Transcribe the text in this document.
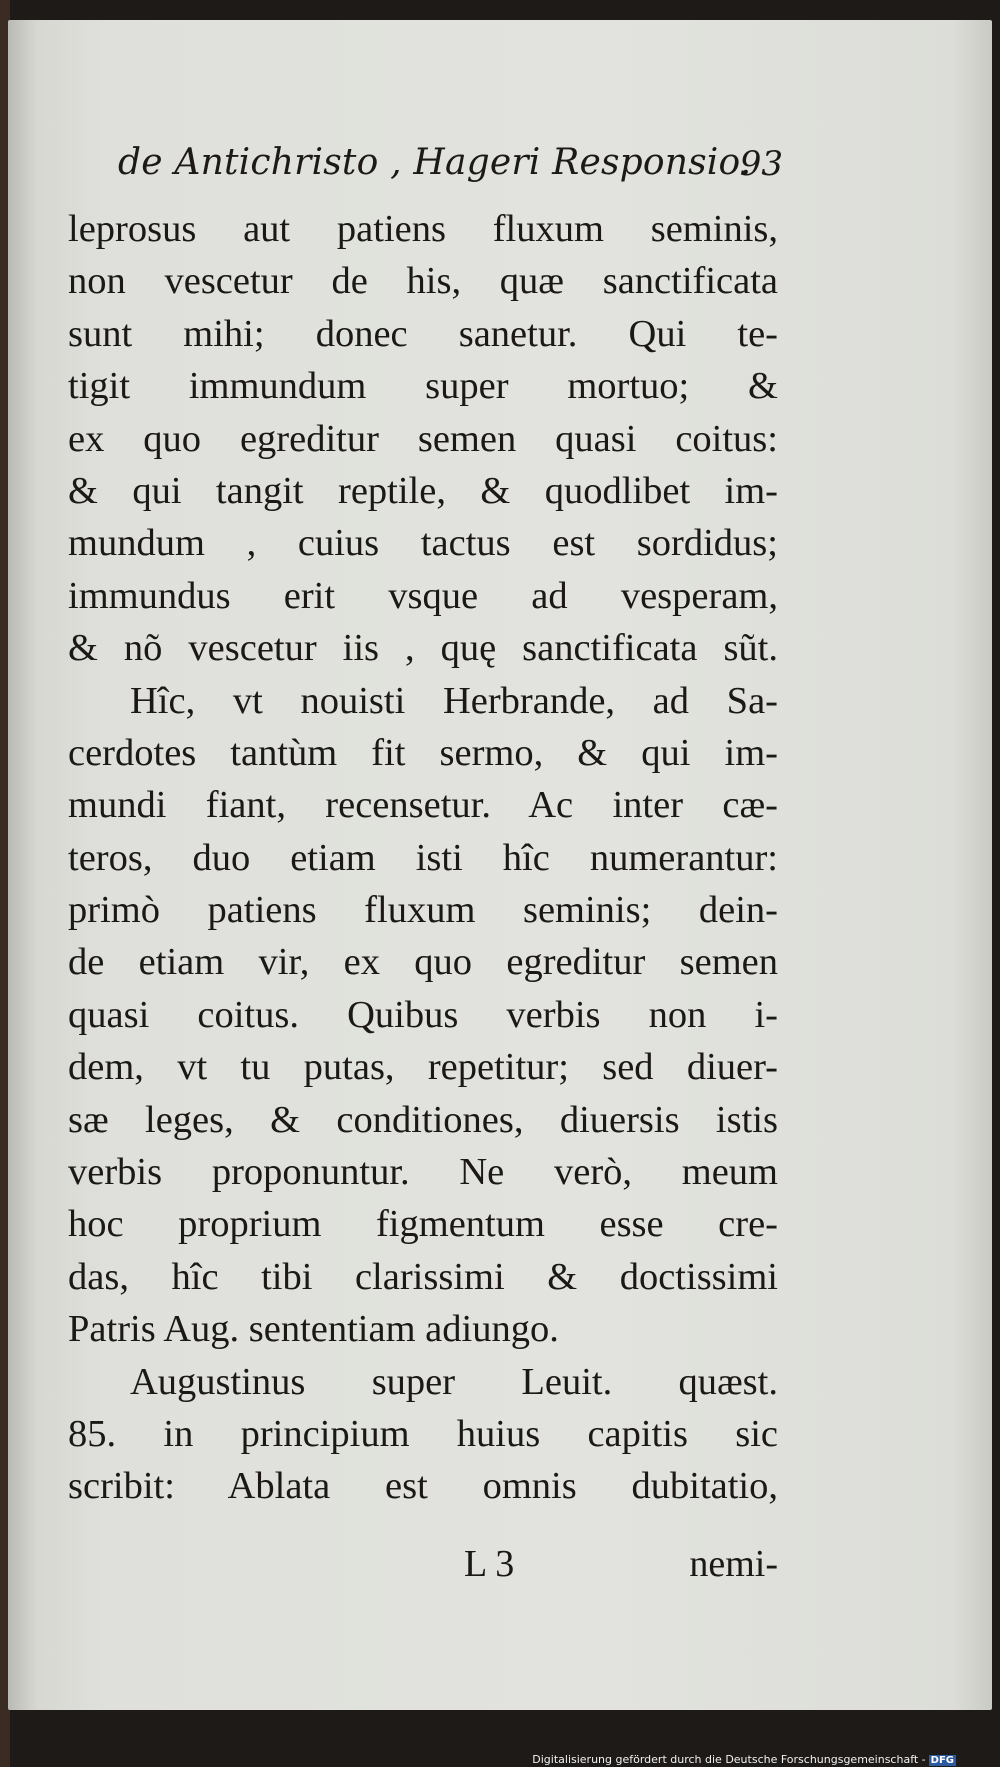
de Antichristo , Hageri Responsio.
93
leprosus aut patiens fluxum seminis,
non vescetur de his, quæ sanctificata
sunt mihi; donec sanetur. Qui te-
tigit immundum super mortuo; &
ex quo egreditur semen quasi coitus:
& qui tangit reptile, & quodlibet im-
mundum , cuius tactus est sordidus;
immundus erit vsque ad vesperam,
& nõ vescetur iis , quę sanctificata sũt.
Hîc, vt nouisti Herbrande, ad Sa-
cerdotes tantùm fit sermo, & qui im-
mundi fiant, recensetur. Ac inter cæ-
teros, duo etiam isti hîc numerantur:
primò patiens fluxum seminis; dein-
de etiam vir, ex quo egreditur semen
quasi coitus. Quibus verbis non i-
dem, vt tu putas, repetitur; sed diuer-
sæ leges, & conditiones, diuersis istis
verbis proponuntur. Ne verò, meum
hoc proprium figmentum esse cre-
das, hîc tibi clarissimi & doctissimi
Patris Aug. sententiam adiungo.
Augustinus super Leuit. quæst.
85. in principium huius capitis sic
scribit: Ablata est omnis dubitatio,
L 3	nemi-
Digitalisierung gefördert durch die Deutsche Forschungsgemeinschaft - DFG
